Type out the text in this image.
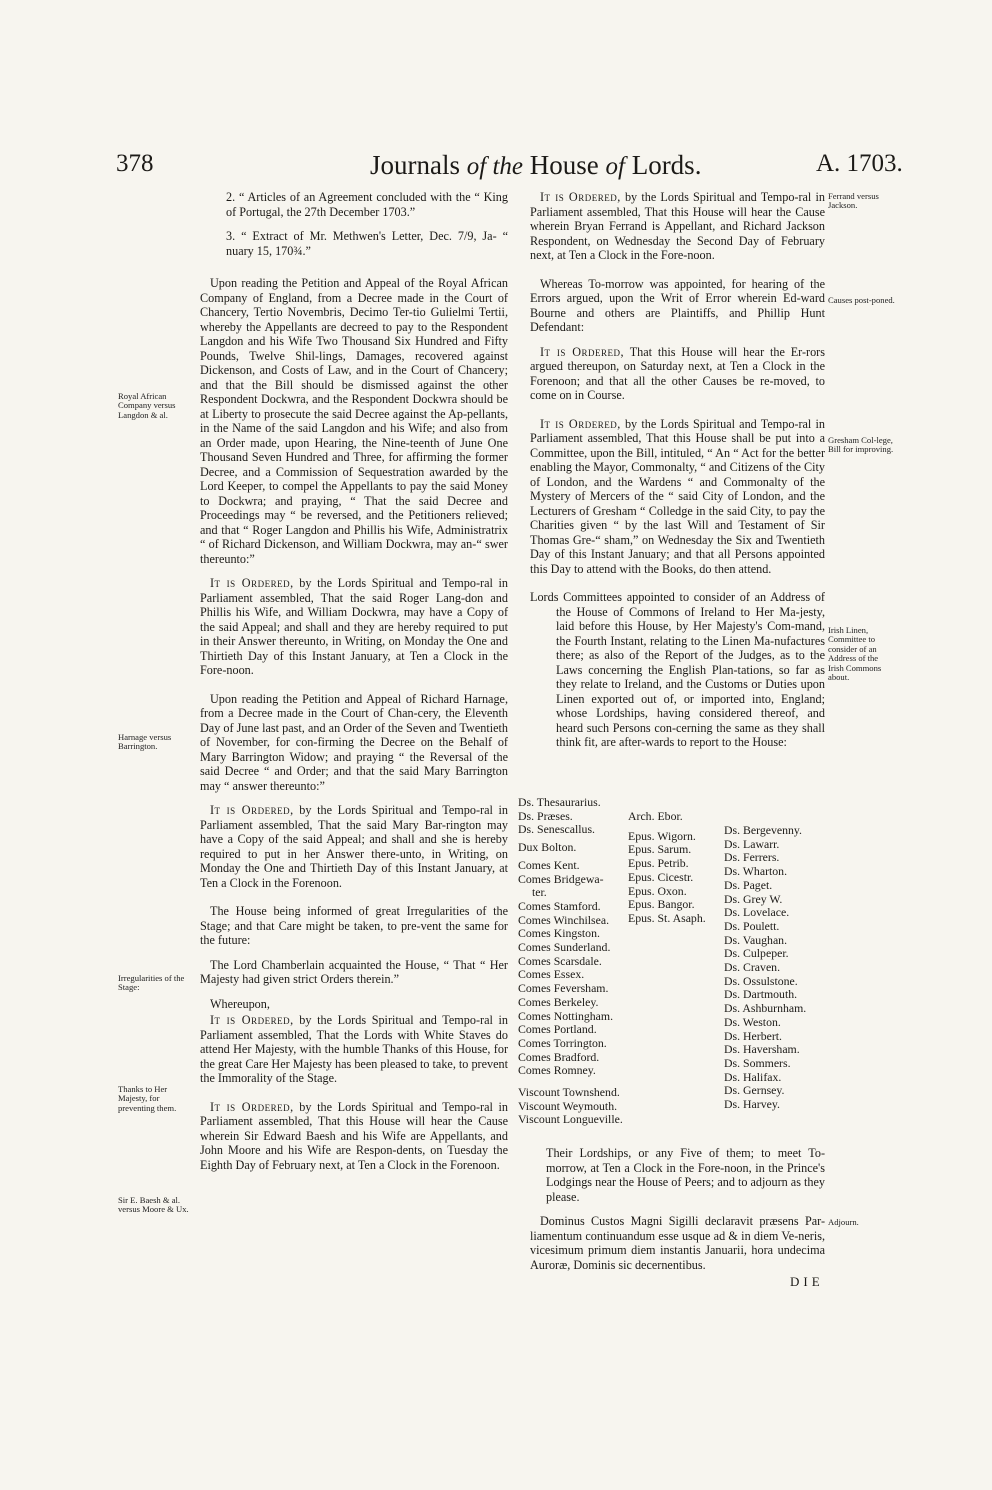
378	Journals of the House of Lords.	A. 1703.
Royal African Company versus Langdon & al.
Harnage versus Barrington.
Irregularities of the Stage:
Thanks to Her Majesty, for preventing them.
Sir E. Baesh & al. versus Moore & Ux.
Ferrand versus Jackson.
Causes post-poned.
Gresham Col-lege, Bill for improving.
Irish Linen, Committee to consider of an Address of the Irish Commons about.

2. “ Articles of an Agreement concluded with the “ King of Portugal, the 27th December 1703.”

3. “ Extract of Mr. Methwen's Letter, Dec. 7/9, Ja- “ nuary 15, 170¾.”

Upon reading the Petition and Appeal of the Royal African Company of England, from a Decree made in the Court of Chancery, Tertio Novembris, Decimo Ter-tio Gulielmi Tertii, whereby the Appellants are decreed to pay to the Respondent Langdon and his Wife Two Thousand Six Hundred and Fifty Pounds, Twelve Shil-lings, Damages, recovered against Dickenson, and Costs of Law, and in the Court of Chancery; and that the Bill should be dismissed against the other Respondent Dockwra, and the Respondent Dockwra should be at Liberty to prosecute the said Decree against the Ap-pellants, in the Name of the said Langdon and his Wife; and also from an Order made, upon Hearing, the Nine-teenth of June One Thousand Seven Hundred and Three, for affirming the former Decree, and a Commission of Sequestration awarded by the Lord Keeper, to compel the Appellants to pay the said Money to Dockwra; and praying, “ That the said Decree and Proceedings may “ be reversed, and the Petitioners relieved; and that “ Roger Langdon and Phillis his Wife, Administratrix “ of Richard Dickenson, and William Dockwra, may an-“ swer thereunto:”

It is Ordered, by the Lords Spiritual and Tempo-ral in Parliament assembled, That the said Roger Lang-don and Phillis his Wife, and William Dockwra, may have a Copy of the said Appeal; and shall and they are hereby required to put in their Answer thereunto, in Writing, on Monday the One and Thirtieth Day of this Instant January, at Ten a Clock in the Fore-noon.

Upon reading the Petition and Appeal of Richard Harnage, from a Decree made in the Court of Chan-cery, the Eleventh Day of June last past, and an Order of the Seven and Twentieth of November, for con-firming the Decree on the Behalf of Mary Barrington Widow; and praying “ the Reversal of the said Decree “ and Order; and that the said Mary Barrington may “ answer thereunto:”

It is Ordered, by the Lords Spiritual and Tempo-ral in Parliament assembled, That the said Mary Bar-rington may have a Copy of the said Appeal; and shall and she is hereby required to put in her Answer there-unto, in Writing, on Monday the One and Thirtieth Day of this Instant January, at Ten a Clock in the Forenoon.

The House being informed of great Irregularities of the Stage; and that Care might be taken, to pre-vent the same for the future:

The Lord Chamberlain acquainted the House, “ That “ Her Majesty had given strict Orders therein.”

Whereupon,

It is Ordered, by the Lords Spiritual and Tempo-ral in Parliament assembled, That the Lords with White Staves do attend Her Majesty, with the humble Thanks of this House, for the great Care Her Majesty has been pleased to take, to prevent the Immorality of the Stage.

It is Ordered, by the Lords Spiritual and Tempo-ral in Parliament assembled, That this House will hear the Cause wherein Sir Edward Baesh and his Wife are Appellants, and John Moore and his Wife are Respon-dents, on Tuesday the Eighth Day of February next, at Ten a Clock in the Forenoon.

It is Ordered, by the Lords Spiritual and Tempo-ral in Parliament assembled, That this House will hear the Cause wherein Bryan Ferrand is Appellant, and Richard Jackson Respondent, on Wednesday the Second Day of February next, at Ten a Clock in the Fore-noon.

Whereas To-morrow was appointed, for hearing of the Errors argued, upon the Writ of Error wherein Ed-ward Bourne and others are Plaintiffs, and Phillip Hunt Defendant:

It is Ordered, That this House will hear the Er-rors argued thereupon, on Saturday next, at Ten a Clock in the Forenoon; and that all the other Causes be re-moved, to come on in Course.

It is Ordered, by the Lords Spiritual and Tempo-ral in Parliament assembled, That this House shall be put into a Committee, upon the Bill, intituled, “ An “ Act for the better enabling the Mayor, Commonalty, “ and Citizens of the City of London, and the Wardens “ and Commonalty of the Mystery of Mercers of the “ said City of London, and the Lecturers of Gresham “ Colledge in the said City, to pay the Charities given “ by the last Will and Testament of Sir Thomas Gre-“ sham,” on Wednesday the Six and Twentieth Day of this Instant January; and that all Persons appointed this Day to attend with the Books, do then attend.

Lords Committees appointed to consider of an Address of the House of Commons of Ireland to Her Ma-jesty, laid before this House, by Her Majesty's Com-mand, the Fourth Instant, relating to the Linen Ma-nufactures there; as also of the Report of the Judges, as to the Laws concerning the English Plan-tations, so far as they relate to Ireland, and the Customs or Duties upon Linen exported out of, or imported into, England; whose Lordships, having considered thereof, and heard such Persons con-cerning the same as they shall think fit, are after-wards to report to the House:

Ds. Thesaurarius.
Ds. Præses.
Ds. Senescallus.
Dux Bolton.
Comes Kent.
Comes Bridgewa-
ter.
Comes Stamford.
Comes Winchilsea.
Comes Kingston.
Comes Sunderland.
Comes Scarsdale.
Comes Essex.
Comes Feversham.
Comes Berkeley.
Comes Nottingham.
Comes Portland.
Comes Torrington.
Comes Bradford.
Comes Romney.
Viscount Townshend.
Viscount Weymouth.
Viscount Longueville.
Arch. Ebor.
Epus. Wigorn.
Epus. Sarum.
Epus. Petrib.
Epus. Cicestr.
Epus. Oxon.
Epus. Bangor.
Epus. St. Asaph.
Ds. Bergevenny.
Ds. Lawarr.
Ds. Ferrers.
Ds. Wharton.
Ds. Paget.
Ds. Grey W.
Ds. Lovelace.
Ds. Poulett.
Ds. Vaughan.
Ds. Culpeper.
Ds. Craven.
Ds. Ossulstone.
Ds. Dartmouth.
Ds. Ashburnham.
Ds. Weston.
Ds. Herbert.
Ds. Haversham.
Ds. Sommers.
Ds. Halifax.
Ds. Gernsey.
Ds. Harvey.

Their Lordships, or any Five of them; to meet To-morrow, at Ten a Clock in the Fore-noon, in the Prince's Lodgings near the House of Peers; and to adjourn as they please.

Dominus Custos Magni Sigilli declaravit præsens Par-liamentum continuandum esse usque ad & in diem Ve-neris, vicesimum primum diem instantis Januarii, hora undecima Auroræ, Dominis sic decernentibus.

Adjourn.
DIE
